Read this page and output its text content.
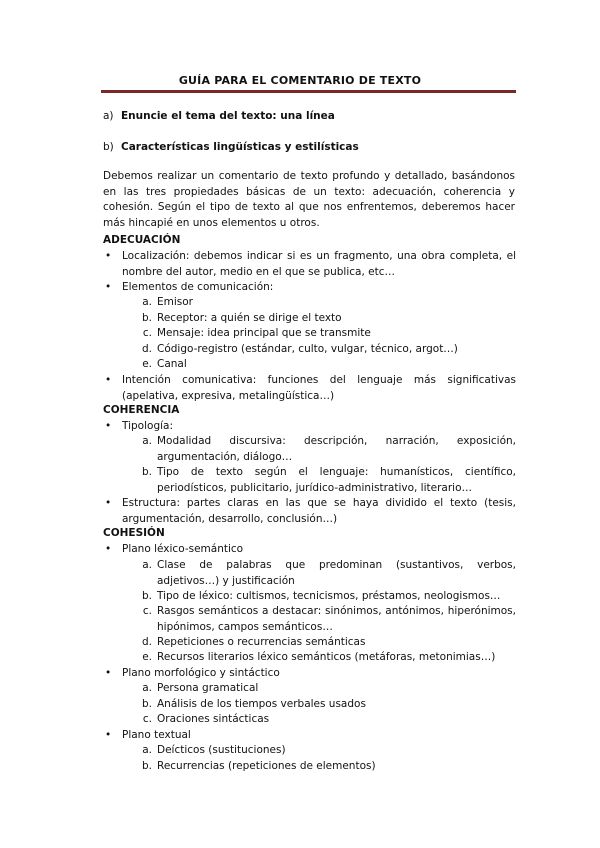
GUÍA PARA EL COMENTARIO DE TEXTO
a) Enuncie el tema del texto: una línea
b) Características lingüísticas y estilísticas
Debemos realizar un comentario de texto profundo y detallado, basándonos en las tres propiedades básicas de un texto: adecuación, coherencia y cohesión. Según el tipo de texto al que nos enfrentemos, deberemos hacer más hincapié en unos elementos u otros.
ADECUACIÓN
• Localización: debemos indicar si es un fragmento, una obra completa, el nombre del autor, medio en el que se publica, etc…
• Elementos de comunicación:
a. Emisor
b. Receptor: a quién se dirige el texto
c. Mensaje: idea principal que se transmite
d. Código-registro (estándar, culto, vulgar, técnico, argot…)
e. Canal
• Intención comunicativa: funciones del lenguaje más significativas (apelativa, expresiva, metalingüística…)
COHERENCIA
• Tipología:
a. Modalidad discursiva: descripción, narración, exposición, argumentación, diálogo…
b. Tipo de texto según el lenguaje: humanísticos, científico, periodísticos, publicitario, jurídico-administrativo, literario…
• Estructura: partes claras en las que se haya dividido el texto (tesis, argumentación, desarrollo, conclusión…)
COHESIÓN
• Plano léxico-semántico
a. Clase de palabras que predominan (sustantivos, verbos, adjetivos…) y justificación
b. Tipo de léxico: cultismos, tecnicismos, préstamos, neologismos…
c. Rasgos semánticos a destacar: sinónimos, antónimos, hiperónimos, hipónimos, campos semánticos…
d. Repeticiones o recurrencias semánticas
e. Recursos literarios léxico semánticos (metáforas, metonimias…)
• Plano morfológico y sintáctico
a. Persona gramatical
b. Análisis de los tiempos verbales usados
c. Oraciones sintácticas
• Plano textual
a. Deícticos (sustituciones)
b. Recurrencias (repeticiones de elementos)
